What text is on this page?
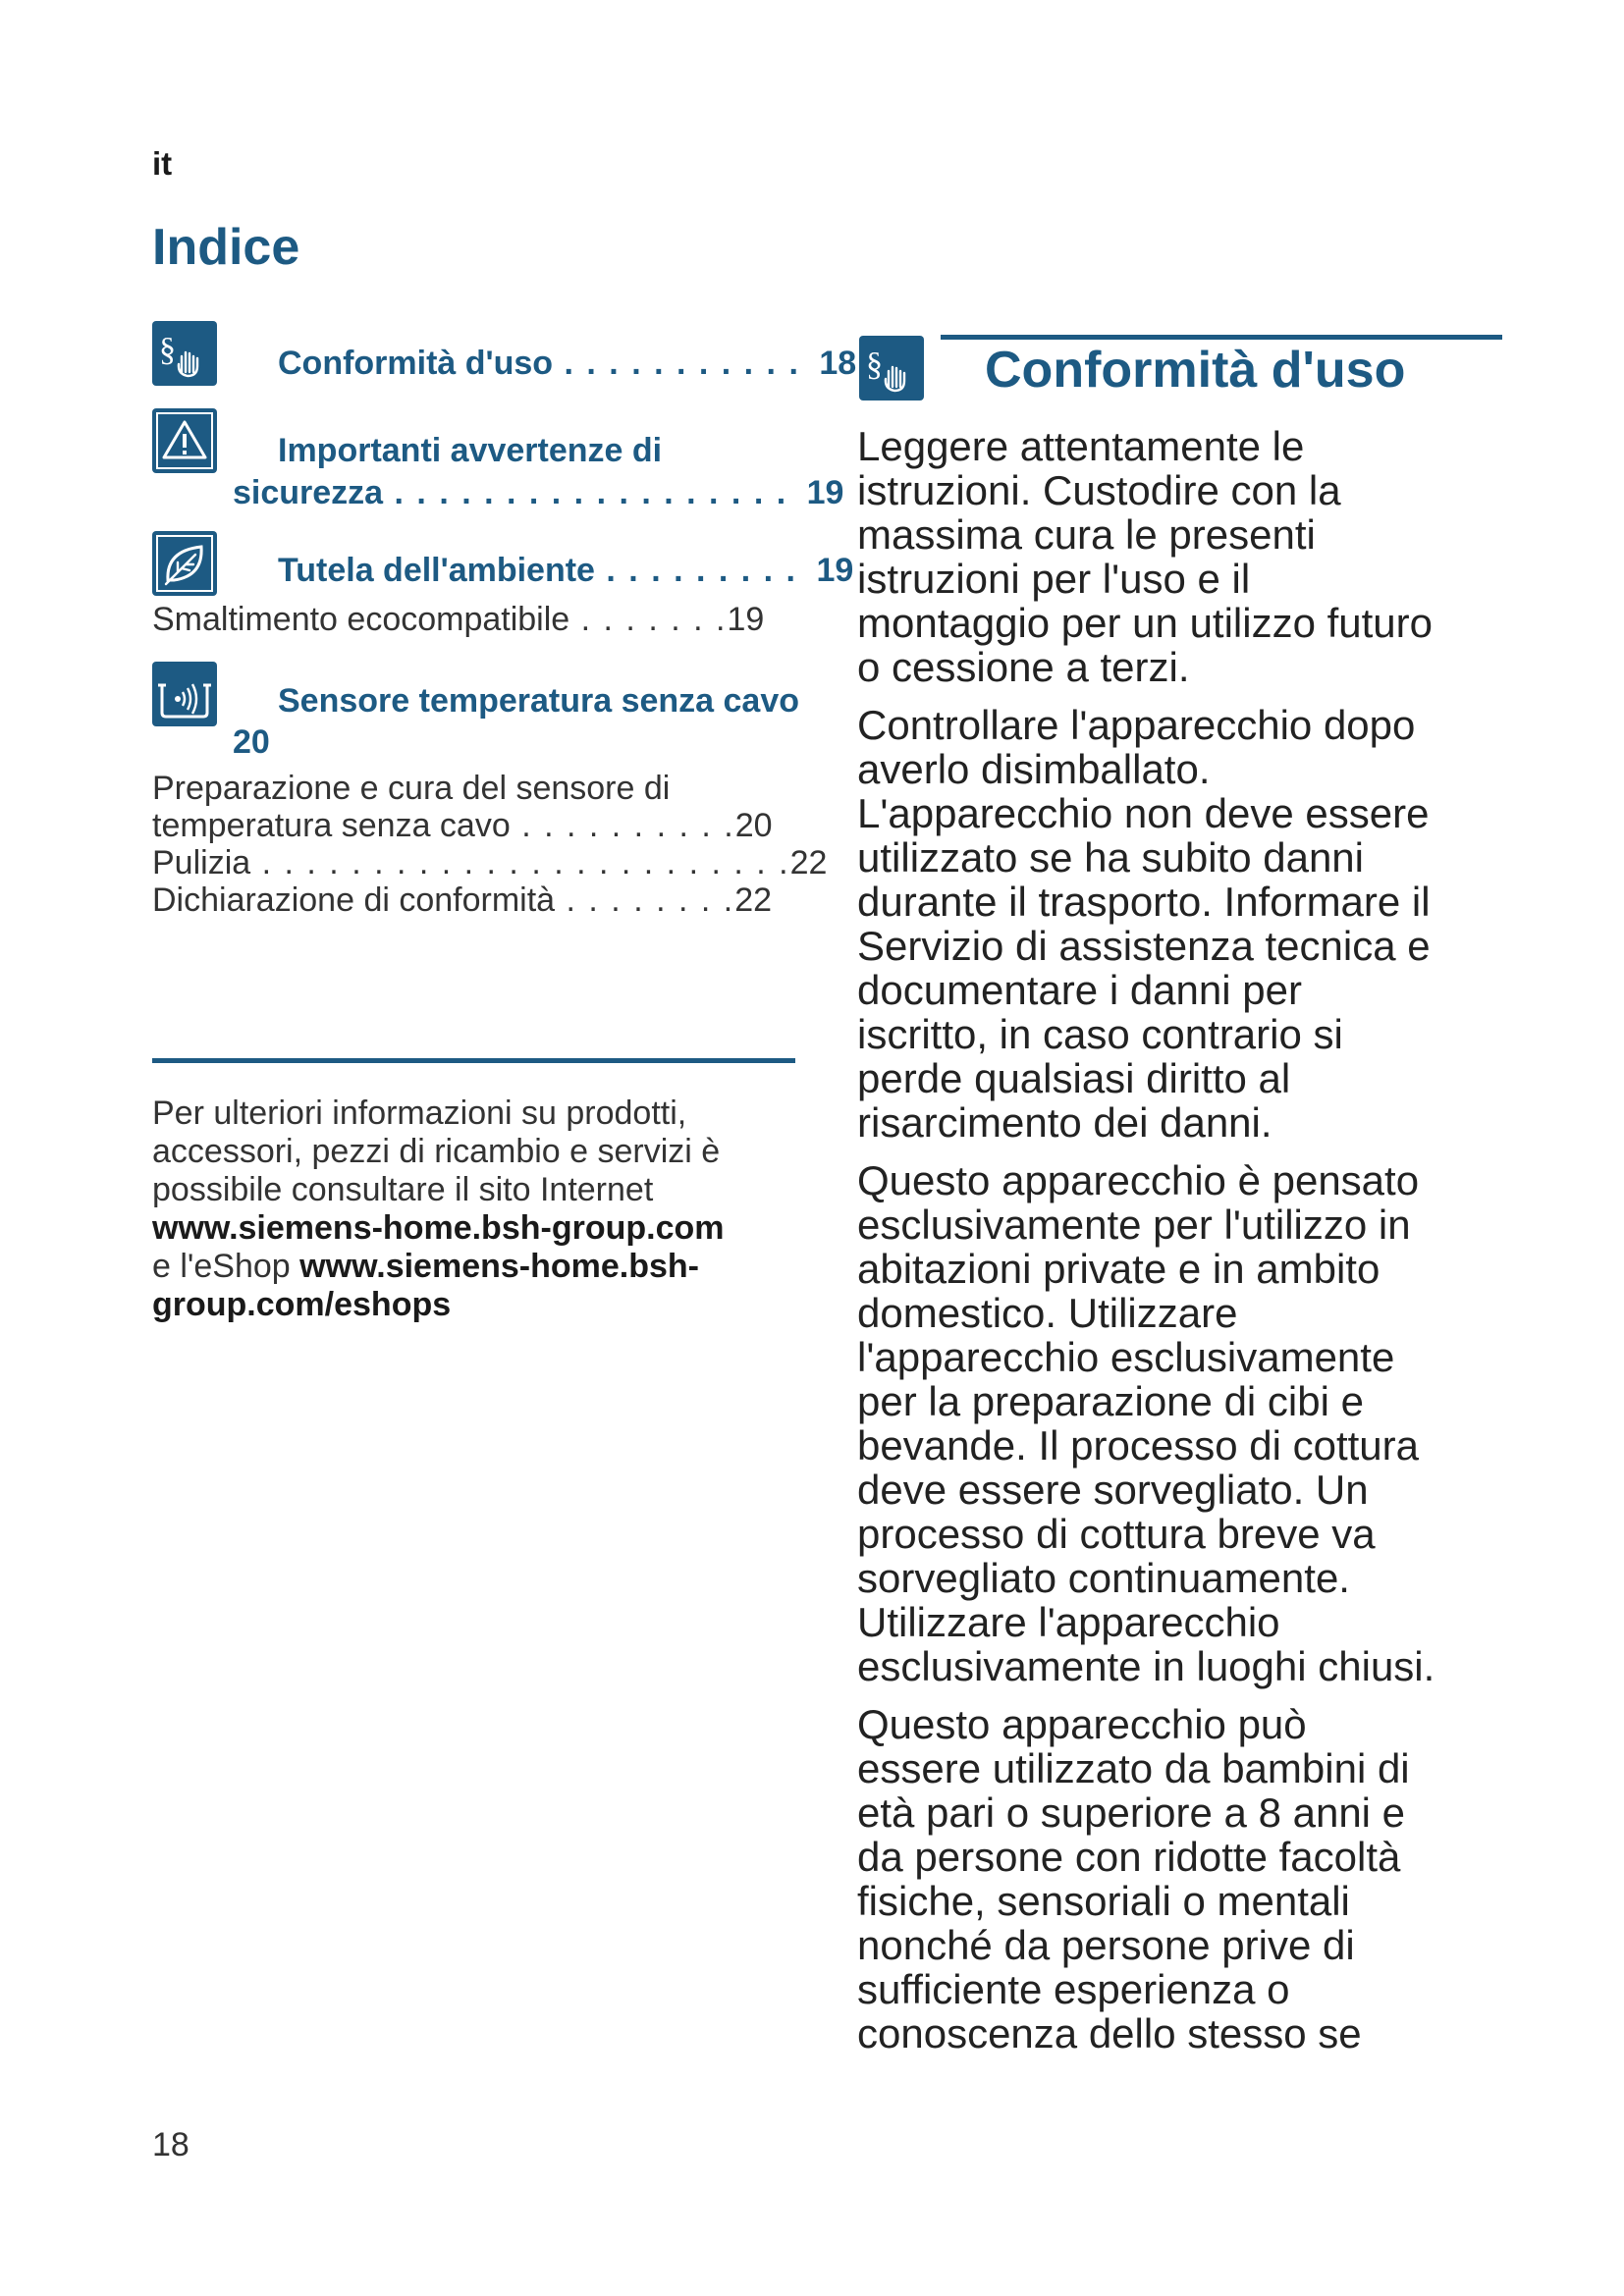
it
Indice
§	Conformità d'uso . . . . . . . . . . . 18
Importanti avvertenze di
sicurezza . . . . . . . . . . . . . . . . . . 19
Tutela dell'ambiente . . . . . . . . . 19
Smaltimento ecocompatibile . . . . . . .19
Sensore temperatura senza cavo
20
Preparazione e cura del sensore di
temperatura senza cavo . . . . . . . . . .20
Pulizia . . . . . . . . . . . . . . . . . . . . . . . .22
Dichiarazione di conformità . . . . . . . .22
Per ulteriori informazioni su prodotti,
accessori, pezzi di ricambio e servizi è
possibile consultare il sito Internet
www.siemens-home.bsh-group.com
e l'eShop www.siemens-home.bsh-
group.com/eshops
§ Conformità d'uso

Leggere attentamente le
istruzioni. Custodire con la
massima cura le presenti
istruzioni per l'uso e il
montaggio per un utilizzo futuro
o cessione a terzi.

Controllare l'apparecchio dopo
averlo disimballato.
L'apparecchio non deve essere
utilizzato se ha subito danni
durante il trasporto. Informare il
Servizio di assistenza tecnica e
documentare i danni per
iscritto, in caso contrario si
perde qualsiasi diritto al
risarcimento dei danni.

Questo apparecchio è pensato
esclusivamente per l'utilizzo in
abitazioni private e in ambito
domestico. Utilizzare
l'apparecchio esclusivamente
per la preparazione di cibi e
bevande. Il processo di cottura
deve essere sorvegliato. Un
processo di cottura breve va
sorvegliato continuamente.
Utilizzare l'apparecchio
esclusivamente in luoghi chiusi.

Questo apparecchio può
essere utilizzato da bambini di
età pari o superiore a 8 anni e
da persone con ridotte facoltà
fisiche, sensoriali o mentali
nonché da persone prive di
sufficiente esperienza o
conoscenza dello stesso se

18
